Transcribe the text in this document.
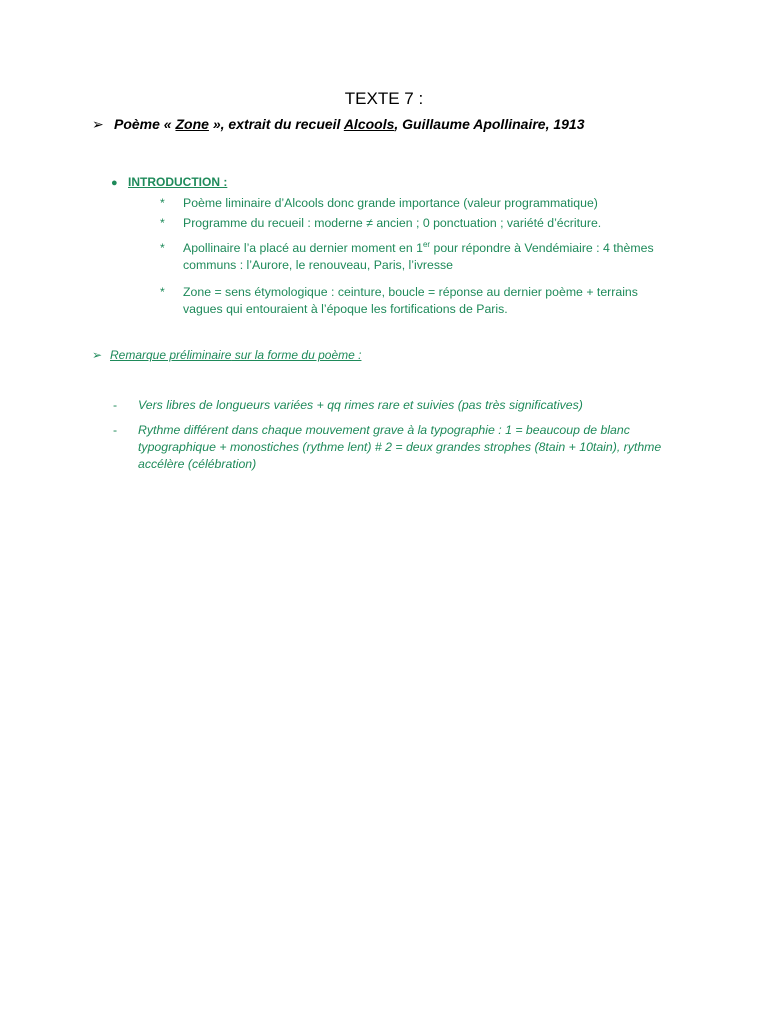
TEXTE 7 :
➢ Poème « Zone », extrait du recueil Alcools, Guillaume Apollinaire, 1913
● INTRODUCTION :
* Poème liminaire d’Alcools donc grande importance (valeur programmatique)
* Programme du recueil : moderne ≠ ancien ; 0 ponctuation ; variété d’écriture.
* Apollinaire l’a placé au dernier moment en 1er pour répondre à Vendémiaire : 4 thèmes communs : l’Aurore, le renouveau, Paris, l’ivresse
* Zone = sens étymologique : ceinture, boucle = réponse au dernier poème + terrains vagues qui entouraient à l’époque les fortifications de Paris.
➢ Remarque préliminaire sur la forme du poème :
- Vers libres de longueurs variées + qq rimes rare et suivies (pas très significatives)
- Rythme différent dans chaque mouvement grave à la typographie : 1 = beaucoup de blanc typographique + monostiches (rythme lent) # 2 = deux grandes strophes (8tain + 10tain), rythme accélère (célébration)
